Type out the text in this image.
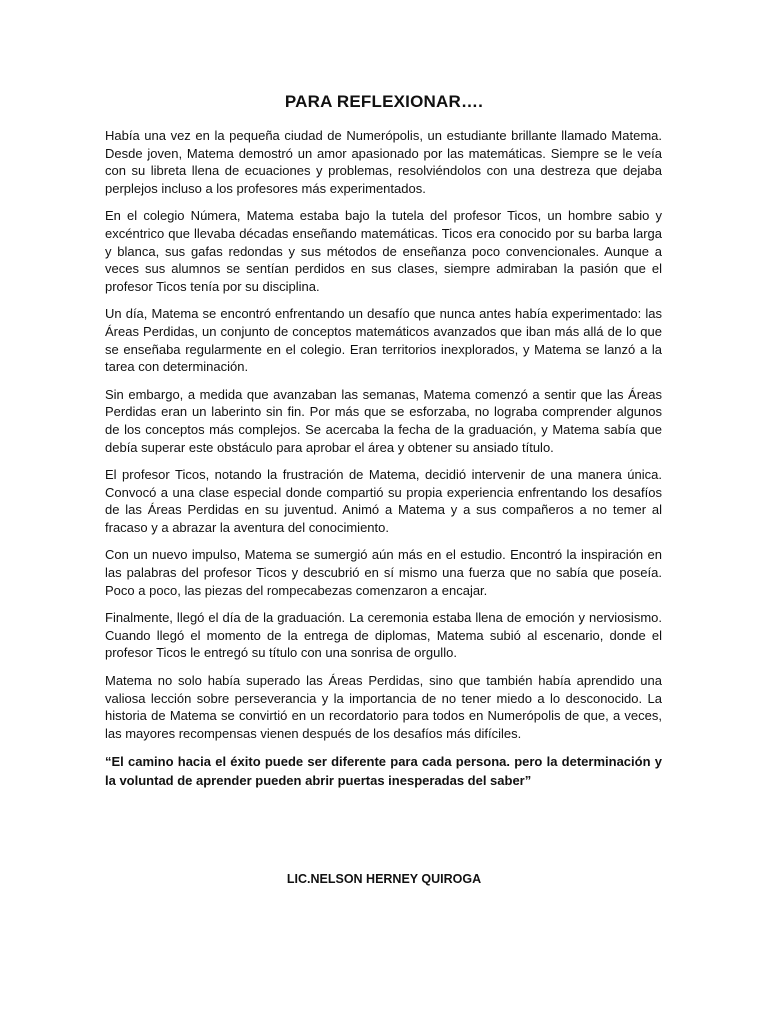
PARA REFLEXIONAR….

Había una vez en la pequeña ciudad de Numerópolis, un estudiante brillante llamado Matema. Desde joven, Matema demostró un amor apasionado por las matemáticas. Siempre se le veía con su libreta llena de ecuaciones y problemas, resolviéndolos con una destreza que dejaba perplejos incluso a los profesores más experimentados.

En el colegio Númera, Matema estaba bajo la tutela del profesor Ticos, un hombre sabio y excéntrico que llevaba décadas enseñando matemáticas. Ticos era conocido por su barba larga y blanca, sus gafas redondas y sus métodos de enseñanza poco convencionales. Aunque a veces sus alumnos se sentían perdidos en sus clases, siempre admiraban la pasión que el profesor Ticos tenía por su disciplina.

Un día, Matema se encontró enfrentando un desafío que nunca antes había experimentado: las Áreas Perdidas, un conjunto de conceptos matemáticos avanzados que iban más allá de lo que se enseñaba regularmente en el colegio. Eran territorios inexplorados, y Matema se lanzó a la tarea con determinación.

Sin embargo, a medida que avanzaban las semanas, Matema comenzó a sentir que las Áreas Perdidas eran un laberinto sin fin. Por más que se esforzaba, no lograba comprender algunos de los conceptos más complejos. Se acercaba la fecha de la graduación, y Matema sabía que debía superar este obstáculo para aprobar el área y obtener su ansiado título.

El profesor Ticos, notando la frustración de Matema, decidió intervenir de una manera única. Convocó a una clase especial donde compartió su propia experiencia enfrentando los desafíos de las Áreas Perdidas en su juventud. Animó a Matema y a sus compañeros a no temer al fracaso y a abrazar la aventura del conocimiento.

Con un nuevo impulso, Matema se sumergió aún más en el estudio. Encontró la inspiración en las palabras del profesor Ticos y descubrió en sí mismo una fuerza que no sabía que poseía. Poco a poco, las piezas del rompecabezas comenzaron a encajar.

Finalmente, llegó el día de la graduación. La ceremonia estaba llena de emoción y nerviosismo. Cuando llegó el momento de la entrega de diplomas, Matema subió al escenario, donde el profesor Ticos le entregó su título con una sonrisa de orgullo.

Matema no solo había superado las Áreas Perdidas, sino que también había aprendido una valiosa lección sobre perseverancia y la importancia de no tener miedo a lo desconocido. La historia de Matema se convirtió en un recordatorio para todos en Numerópolis de que, a veces, las mayores recompensas vienen después de los desafíos más difíciles.

“El camino hacia el éxito puede ser diferente para cada persona. pero la determinación y la voluntad de aprender pueden abrir puertas inesperadas del saber”

LIC.NELSON HERNEY QUIROGA
